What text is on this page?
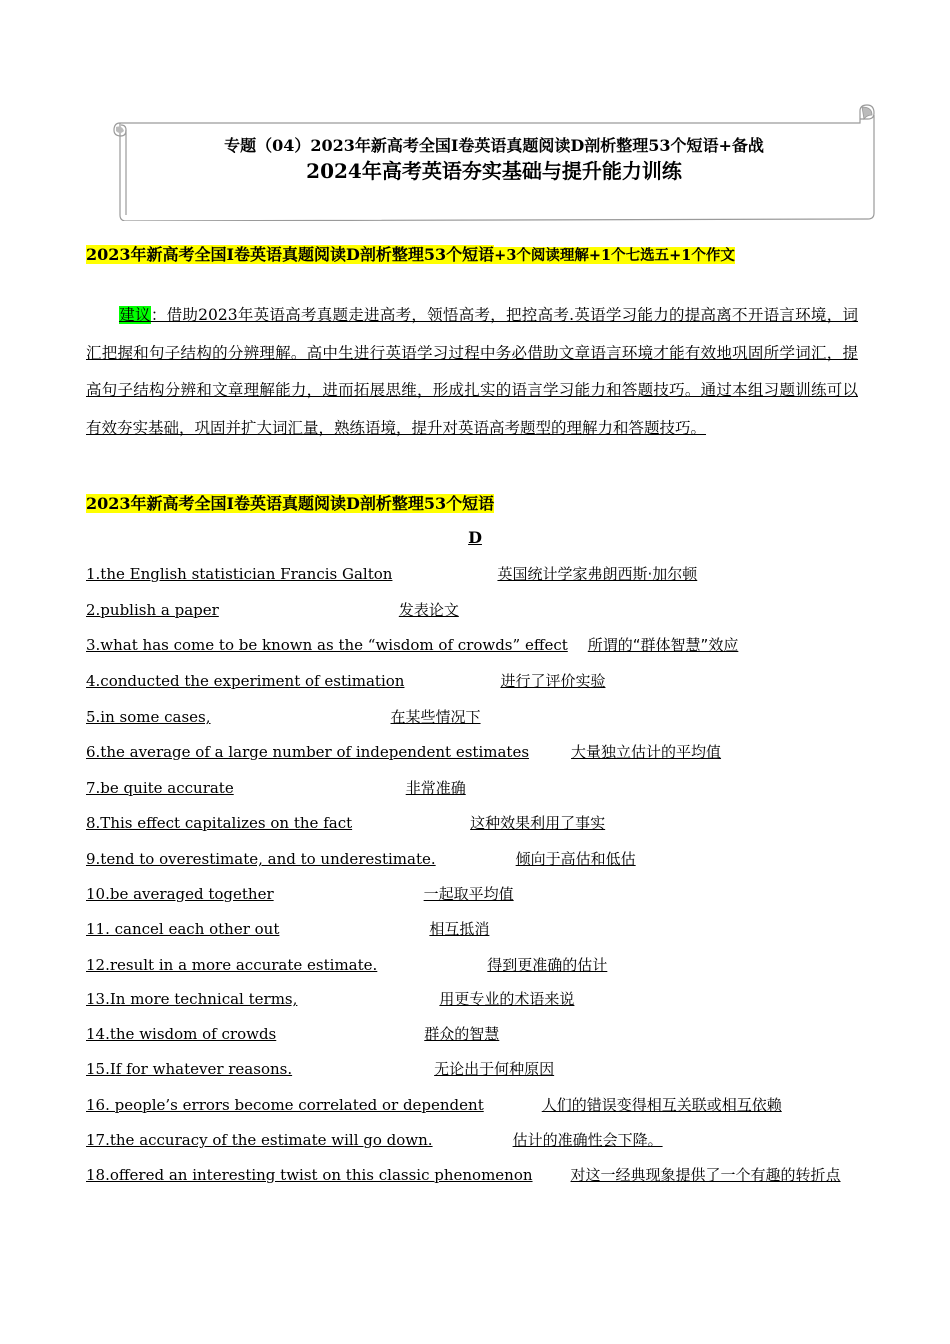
专题（04）2023年新高考全国Ⅰ卷英语真题阅读D剖析整理53个短语+备战
2024年高考英语夯实基础与提升能力训练
2023年新高考全国Ⅰ卷英语真题阅读D剖析整理53个短语+3个阅读理解+1个七选五+1个作文
建议：借助2023年英语高考真题走进高考，领悟高考，把控高考.英语学习能力的提高离不开语言环境，词汇把握和句子结构的分辨理解。高中生进行英语学习过程中务必借助文章语言环境才能有效地巩固所学词汇，提高句子结构分辨和文章理解能力，进而拓展思维，形成扎实的语言学习能力和答题技巧。通过本组习题训练可以有效夯实基础，巩固并扩大词汇量，熟练语境，提升对英语高考题型的理解力和答题技巧。
2023年新高考全国Ⅰ卷英语真题阅读D剖析整理53个短语
D
1.the English statistician Francis Galton	英国统计学家弗朗西斯·加尔顿
2.publish a paper	发表论文
3.what has come to be known as the “wisdom of crowds” effect 所谓的“群体智慧”效应
4.conducted the experiment of estimation	进行了评价实验
5.in some cases,	在某些情况下
6.the average of a large number of independent estimates	大量独立估计的平均值
7.be quite accurate	非常准确
8.This effect capitalizes on the fact	这种效果利用了事实
9.tend to overestimate, and to underestimate.	倾向于高估和低估
10.be averaged together	一起取平均值
11. cancel each other out	相互抵消
12.result in a more accurate estimate.	得到更准确的估计
13.In more technical terms,	用更专业的术语来说
14.the wisdom of crowds	群众的智慧
15.If for whatever reasons.	无论出于何种原因
16. people’s errors become correlated or dependent	人们的错误变得相互关联或相互依赖
17.the accuracy of the estimate will go down.	估计的准确性会下降。
18.offered an interesting twist on this classic phenomenon	对这一经典现象提供了一个有趣的转折点
